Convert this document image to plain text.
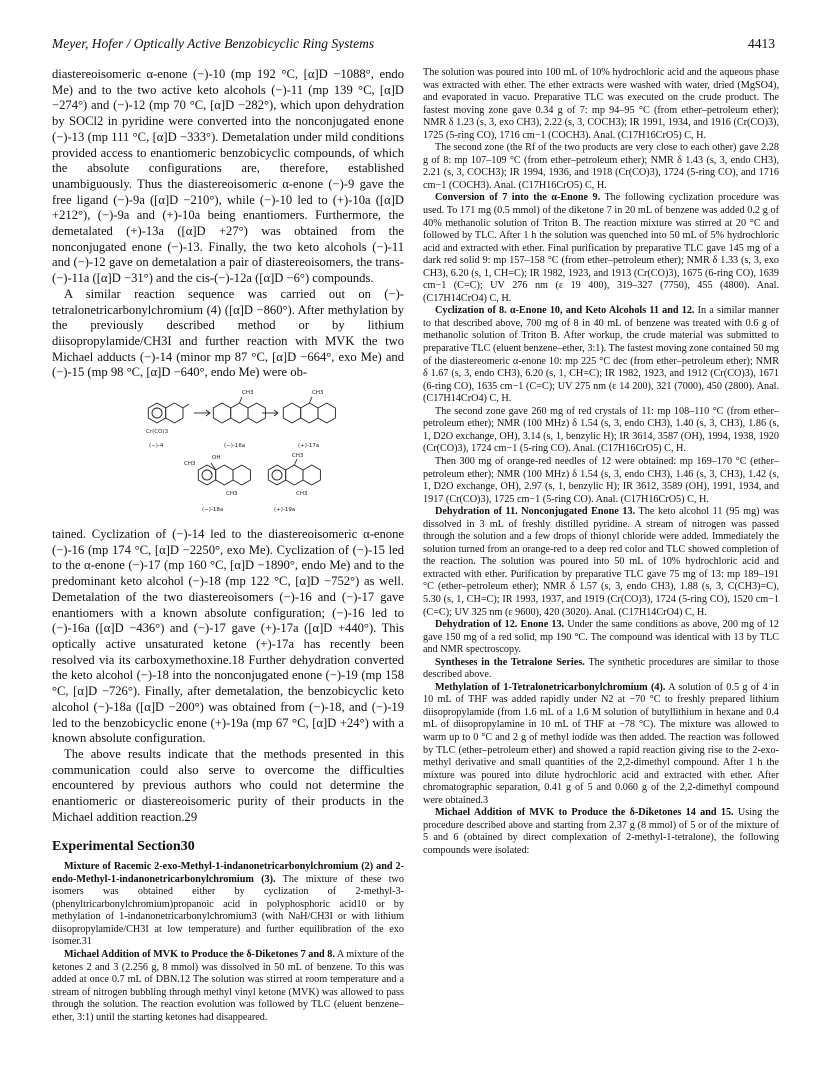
Meyer, Hofer / Optically Active Benzobicyclic Ring Systems	4413

diastereoisomeric α-enone (−)-10 (mp 192 °C, [α]D −1088°, endo Me) and to the two active keto alcohols (−)-11 (mp 139 °C, [α]D −274°) and (−)-12 (mp 70 °C, [α]D −282°), which upon dehydration by SOCl2 in pyridine were converted into the nonconjugated enone (−)-13 (mp 111 °C, [α]D −333°). Demetalation under mild conditions provided access to enantiomeric benzobicyclic compounds, of which the absolute configurations are, therefore, established unambiguously. Thus the diastereoisomeric α-enone (−)-9 gave the free ligand (−)-9a ([α]D −210°), while (−)-10 led to (+)-10a ([α]D +212°), (−)-9a and (+)-10a being enantiomers. Furthermore, the demetalated (+)-13a ([α]D +27°) was obtained from the nonconjugated enone (−)-13. Finally, the two keto alcohols (−)-11 and (−)-12 gave on demetalation a pair of diastereoisomers, the trans-(−)-11a ([α]D −31°) and the cis-(−)-12a ([α]D −6°) compounds.

A similar reaction sequence was carried out on (−)-tetralonetricarbonylchromium (4) ([α]D −860°). After methylation by the previously described method or by lithium diisopropylamide/CH3I and further reaction with MVK the two Michael adducts (−)-14 (minor mp 87 °C, [α]D −664°, exo Me) and (−)-15 (mp 98 °C, [α]D −640°, endo Me) were ob-

CH3	CH3
Cr(CO)3
(−)-4	(−)-16a	(+)-17a
CH3
OH	CH3
CH3	CH3
(−)-18a	(+)-19a

tained. Cyclization of (−)-14 led to the diastereoisomeric α-enone (−)-16 (mp 174 °C, [α]D −2250°, exo Me). Cyclization of (−)-15 led to the α-enone (−)-17 (mp 160 °C, [α]D −1890°, endo Me) and to the predominant keto alcohol (−)-18 (mp 122 °C, [α]D −752°) as well. Demetalation of the two diastereoisomers (−)-16 and (−)-17 gave enantiomers with a known absolute configuration; (−)-16 led to (−)-16a ([α]D −436°) and (−)-17 gave (+)-17a ([α]D +440°). This optically active unsaturated ketone (+)-17a has recently been resolved via its carboxymethoxine.18 Further dehydration converted the keto alcohol (−)-18 into the nonconjugated enone (−)-19 (mp 158 °C, [α]D −726°). Finally, after demetalation, the benzobicyclic keto alcohol (−)-18a ([α]D −200°) was obtained from (−)-18, and (−)-19 led to the benzobicyclic enone (+)-19a (mp 67 °C, [α]D +24°) with a known absolute configuration.

The above results indicate that the methods presented in this communication could also serve to overcome the difficulties encountered by previous authors who could not determine the enantiomeric or diastereoisomeric purity of their products in the Michael addition reaction.29

Experimental Section30

Mixture of Racemic 2-exo-Methyl-1-indanonetricarbonylchromium (2) and 2-endo-Methyl-1-indanonetricarbonylchromium (3). The mixture of these two isomers was obtained either by cyclization of 2-methyl-3-(phenyltricarbonylchromium)propanoic acid in polyphosphoric acid10 or by methylation of 1-indanonetricarbonylchromium3 (with NaH/CH3I or with lithium diisopropylamide/CH3I at low temperature) and further equilibration of the exo isomer.31

Michael Addition of MVK to Produce the δ-Diketones 7 and 8. A mixture of the ketones 2 and 3 (2.256 g, 8 mmol) was dissolved in 50 mL of benzene. To this was added at once 0.7 mL of DBN.12 The solution was stirred at room temperature and a stream of nitrogen bubbling through methyl vinyl ketone (MVK) was allowed to pass through the solution. The reaction evolution was followed by TLC (eluent benzene–ether, 3:1) until the starting ketones had disappeared.

The solution was poured into 100 mL of 10% hydrochloric acid and the aqueous phase was extracted with ether. The ether extracts were washed with water, dried (MgSO4), and evaporated in vacuo. Preparative TLC was executed on the crude product. The fastest moving zone gave 0.34 g of 7: mp 94–95 °C (from ether–petroleum ether); NMR δ 1.23 (s, 3, exo CH3), 2.22 (s, 3, COCH3); IR 1991, 1934, and 1916 (Cr(CO)3), 1725 (5-ring CO), 1716 cm−1 (COCH3). Anal. (C17H16CrO5) C, H.

The second zone (the Rf of the two products are very close to each other) gave 2.28 g of 8: mp 107–109 °C (from ether–petroleum ether); NMR δ 1.43 (s, 3, endo CH3), 2.21 (s, 3, COCH3); IR 1994, 1936, and 1918 (Cr(CO)3), 1724 (5-ring CO), and 1716 cm−1 (COCH3). Anal. (C17H16CrO5) C, H.

Conversion of 7 into the α-Enone 9. The following cyclization procedure was used. To 171 mg (0.5 mmol) of the diketone 7 in 20 mL of benzene was added 0.2 g of 40% methanolic solution of Triton B. The reaction mixture was stirred at 20 °C and followed by TLC. After 1 h the solution was quenched into 50 mL of 5% hydrochloric acid and extracted with ether. Final purification by preparative TLC gave 145 mg of a dark red solid 9: mp 157–158 °C (from ether–petroleum ether); NMR δ 1.33 (s, 3, exo CH3), 6.20 (s, 1, CH=C); IR 1982, 1923, and 1913 (Cr(CO)3), 1675 (6-ring CO), 1639 cm−1 (C=C); UV 276 nm (ε 19 400), 319–327 (7750), 455 (4800). Anal. (C17H14CrO4) C, H.

Cyclization of 8. α-Enone 10, and Keto Alcohols 11 and 12. In a similar manner to that described above, 700 mg of 8 in 40 mL of benzene was treated with 0.6 g of methanolic solution of Triton B. After workup, the crude material was submitted to preparative TLC (eluent benzene–ether, 3:1). The fastest moving zone contained 50 mg of the diastereomeric α-enone 10: mp 225 °C dec (from ether–petroleum ether); NMR δ 1.67 (s, 3, endo CH3), 6.20 (s, 1, CH=C); IR 1982, 1923, and 1912 (Cr(CO)3), 1671 (6-ring CO), 1635 cm−1 (C=C); UV 275 nm (ε 14 200), 321 (7000), 450 (2800). Anal. (C17H14CrO4) C, H.

The second zone gave 260 mg of red crystals of 11: mp 108–110 °C (from ether–petroleum ether); NMR (100 MHz) δ 1.54 (s, 3, endo CH3), 1.40 (s, 3, CH3), 1.86 (s, 1, D2O exchange, OH), 3.14 (s, 1, benzylic H); IR 3614, 3587 (OH), 1994, 1938, 1920 (Cr(CO)3), 1724 cm−1 (5-ring CO). Anal. (C17H16CrO5) C, H.

Then 300 mg of orange-red needles of 12 were obtained: mp 169–170 °C (ether–petroleum ether); NMR (100 MHz) δ 1.54 (s, 3, endo CH3), 1.46 (s, 3, CH3), 1.42 (s, 1, D2O exchange, OH), 2.97 (s, 1, benzylic H); IR 3612, 3589 (OH), 1991, 1934, and 1917 (Cr(CO)3), 1725 cm−1 (5-ring CO). Anal. (C17H16CrO5) C, H.

Dehydration of 11. Nonconjugated Enone 13. The keto alcohol 11 (95 mg) was dissolved in 3 mL of freshly distilled pyridine. A stream of nitrogen was passed through the solution and a few drops of thionyl chloride were added. Immediately the solution turned from an orange-red to a deep red color and TLC showed completion of the reaction. The solution was poured into 50 mL of 10% hydrochloric acid and extracted with ether. Purification by preparative TLC gave 75 mg of 13: mp 189–191 °C (ether–petroleum ether); NMR δ 1.57 (s, 3, endo CH3), 1.88 (s, 3, C(CH3)=C), 5.30 (s, 1, CH=C); IR 1993, 1937, and 1919 (Cr(CO)3), 1724 (5-ring CO), 1520 cm−1 (C=C); UV 325 nm (ε 9600), 420 (3020). Anal. (C17H14CrO4) C, H.

Dehydration of 12. Enone 13. Under the same conditions as above, 200 mg of 12 gave 150 mg of a red solid, mp 190 °C. The compound was identical with 13 by TLC and NMR spectroscopy.

Syntheses in the Tetralone Series. The synthetic procedures are similar to those described above.

Methylation of 1-Tetralonetricarbonylchromium (4). A solution of 0.5 g of 4 in 10 mL of THF was added rapidly under N2 at −70 °C to freshly prepared lithium diisopropylamide (from 1.6 mL of a 1.6 M solution of butyllithium in hexane and 0.4 mL of diisopropylamine in 10 mL of THF at −78 °C). The mixture was allowed to warm up to 0 °C and 2 g of methyl iodide was then added. The reaction was followed by TLC (ether–petroleum ether) and showed a rapid reaction giving rise to the 2-exo-methyl derivative and small quantities of the 2,2-dimethyl compound. After 1 h the mixture was poured into dilute hydrochloric acid and extracted with ether. After chromatographic separation, 0.41 g of 5 and 0.060 g of the 2,2-dimethyl compound were obtained.3

Michael Addition of MVK to Produce the δ-Diketones 14 and 15. Using the procedure described above and starting from 2.37 g (8 mmol) of 5 or of the mixture of 5 and 6 (obtained by direct complexation of 2-methyl-1-tetralone), the following compounds were isolated:
